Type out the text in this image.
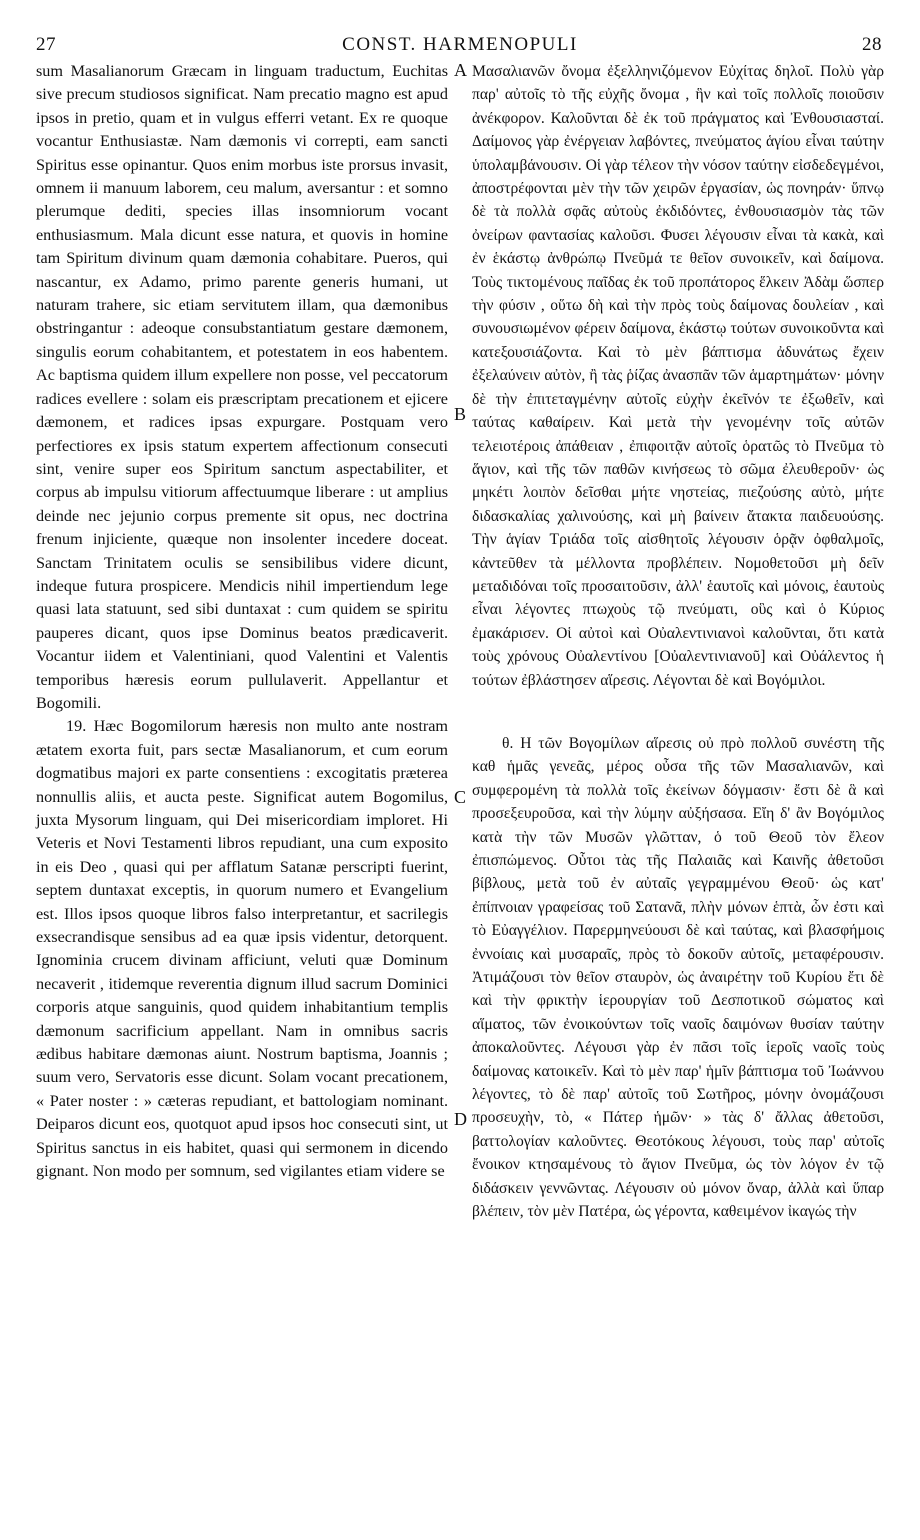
27	CONST. HARMENOPULI	28

sum Masalianorum Græcam in linguam traductum, Euchitas sive precum studiosos significat. Nam precatio magno est apud ipsos in pretio, quam et in vulgus efferri vetant. Ex re quoque vocantur Enthusiastæ. Nam dæmonis vi correpti, eam sancti Spiritus esse opinantur. Quos enim morbus iste prorsus invasit, omnem ii manuum laborem, ceu malum, aversantur : et somno plerumque dediti, species illas insomniorum vocant enthusiasmum. Mala dicunt esse natura, et quovis in homine tam Spiritum divinum quam dæmonia cohabitare. Pueros, qui nascantur, ex Adamo, primo parente generis humani, ut naturam trahere, sic etiam servitutem illam, qua dæmonibus obstringantur : adeoque consubstantiatum gestare dæmonem, singulis eorum cohabitantem, et potestatem in eos habentem. Ac baptisma quidem illum expellere non posse, vel peccatorum radices evellere : solam eis præscriptam precationem et ejicere dæmonem, et radices ipsas expurgare. Postquam vero perfectiores ex ipsis statum expertem affectionum consecuti sint, venire super eos Spiritum sanctum aspectabiliter, et corpus ab impulsu vitiorum affectuumque liberare : ut amplius deinde nec jejunio corpus premente sit opus, nec doctrina frenum injiciente, quæque non insolenter incedere doceat. Sanctam Trinitatem oculis se sensibilibus videre dicunt, indeque futura prospicere. Mendicis nihil impertiendum lege quasi lata statuunt, sed sibi duntaxat : cum quidem se spiritu pauperes dicant, quos ipse Dominus beatos prædicaverit. Vocantur iidem et Valentiniani, quod Valentini et Valentis temporibus hæresis eorum pullulaverit. Appellantur et Bogomili.

19. Hæc Bogomilorum hæresis non multo ante nostram ætatem exorta fuit, pars sectæ Masalianorum, et cum eorum dogmatibus majori ex parte consentiens : excogitatis præterea nonnullis aliis, et aucta peste. Significat autem Bogomilus, juxta Mysorum linguam, qui Dei misericordiam imploret. Hi Veteris et Novi Testamenti libros repudiant, una cum exposito in eis Deo , quasi qui per afflatum Satanæ perscripti fuerint, septem duntaxat exceptis, in quorum numero et Evangelium est. Illos ipsos quoque libros falso interpretantur, et sacrilegis exsecrandisque sensibus ad ea quæ ipsis videntur, detorquent. Ignominia crucem divinam afficiunt, veluti quæ Dominum necaverit , itidemque reverentia dignum illud sacrum Dominici corporis atque sanguinis, quod quidem inhabitantium templis dæmonum sacrificium appellant. Nam in omnibus sacris ædibus habitare dæmonas aiunt. Nostrum baptisma, Joannis ; suum vero, Servatoris esse dicunt. Solam vocant precationem, « Pater noster : » cæteras repudiant, et battologiam nominant. Deiparos dicunt eos, quotquot apud ipsos hoc consecuti sint, ut Spiritus sanctus in eis habitet, quasi qui sermonem in dicendo gignant. Non modo per somnum, sed vigilantes etiam videre se

A
B
C
D

Μασαλιανῶν ὄνομα ἐξελληνιζόμενον Εὐχίτας δηλοῖ. Πολὺ γὰρ παρ' αὐτοῖς τὸ τῆς εὐχῆς ὄνομα , ἣν καὶ τοῖς πολλοῖς ποιοῦσιν ἀνέκφορον. Καλοῦνται δὲ ἐκ τοῦ πράγματος καὶ Ἐνθουσιασταί. Δαίμονος γὰρ ἐνέργειαν λαβόντες, πνεύματος ἁγίου εἶναι ταύτην ὑπολαμβάνουσιν. Οἱ γὰρ τέλεον τὴν νόσον ταύτην εἰσδεδεγμένοι, ἀποστρέφονται μὲν τὴν τῶν χειρῶν ἐργασίαν, ὡς πονηράν· ὕπνῳ δὲ τὰ πολλὰ σφᾶς αὐτοὺς ἐκδιδόντες, ἐνθουσιασμὸν τὰς τῶν ὀνείρων φαντασίας καλοῦσι. Φυσει λέγουσιν εἶναι τὰ κακὰ, καὶ ἐν ἑκάστῳ ἀνθρώπῳ Πνεῦμά τε θεῖον συνοικεῖν, καὶ δαίμονα. Τοὺς τικτομένους παῖδας ἐκ τοῦ προπάτορος ἕλκειν Ἀδὰμ ὥσπερ τὴν φύσιν , οὕτω δὴ καὶ τὴν πρὸς τοὺς δαίμονας δουλείαν , καὶ συνουσιωμένον φέρειν δαίμονα, ἑκάστῳ τούτων συνοικοῦντα καὶ κατεξουσιάζοντα. Καὶ τὸ μὲν βάπτισμα ἀδυνάτως ἔχειν ἐξελαύνειν αὐτὸν, ἢ τὰς ῥίζας ἀνασπᾶν τῶν ἁμαρτημάτων· μόνην δὲ τὴν ἐπιτεταγμένην αὐτοῖς εὐχὴν ἐκεῖνόν τε ἐξωθεῖν, καὶ ταύτας καθαίρειν. Καὶ μετὰ τὴν γενομένην τοῖς αὐτῶν τελειοτέροις ἀπάθειαν , ἐπιφοιτᾷν αὐτοῖς ὁρατῶς τὸ Πνεῦμα τὸ ἅγιον, καὶ τῆς τῶν παθῶν κινήσεως τὸ σῶμα ἐλευθεροῦν· ὡς μηκέτι λοιπὸν δεῖσθαι μήτε νηστείας, πιεζούσης αὐτὸ, μήτε διδασκαλίας χαλινούσης, καὶ μὴ βαίνειν ἄτακτα παιδευούσης. Τὴν ἁγίαν Τριάδα τοῖς αἰσθητοῖς λέγουσιν ὁρᾷν ὀφθαλμοῖς, κἀντεῦθεν τὰ μέλλοντα προβλέπειν. Νομοθετοῦσι μὴ δεῖν μεταδιδόναι τοῖς προσαιτοῦσιν, ἀλλ' ἑαυτοῖς καὶ μόνοις, ἑαυτοὺς εἶναι λέγοντες πτωχοὺς τῷ πνεύματι, οὓς καὶ ὁ Κύριος ἐμακάρισεν. Οἱ αὐτοὶ καὶ Οὐαλεντινιανοὶ καλοῦνται, ὅτι κατὰ τοὺς χρόνους Οὐαλεντίνου [Οὐαλεντινιανοῦ] καὶ Οὐάλεντος ἡ τούτων ἐβλάστησεν αἵρεσις. Λέγονται δὲ καὶ Βογόμιλοι.

θ. Η τῶν Βογομίλων αἵρεσις οὐ πρὸ πολλοῦ συνέστη τῆς καθ ἡμᾶς γενεᾶς, μέρος οὖσα τῆς τῶν Μασαλιανῶν, καὶ συμφερομένη τὰ πολλὰ τοῖς ἐκείνων δόγμασιν· ἔστι δὲ ἃ καὶ προσεξευροῦσα, καὶ τὴν λύμην αὐξήσασα. Εἴη δ' ἂν Βογόμιλος κατὰ τὴν τῶν Μυσῶν γλῶτταν, ὁ τοῦ Θεοῦ τὸν ἔλεον ἐπισπώμενος. Οὗτοι τὰς τῆς Παλαιᾶς καὶ Καινῆς ἀθετοῦσι βίβλους, μετὰ τοῦ ἐν αὐταῖς γεγραμμένου Θεοῦ· ὡς κατ' ἐπίπνοιαν γραφείσας τοῦ Σατανᾶ, πλὴν μόνων ἑπτὰ, ὧν ἐστι καὶ τὸ Εὐαγγέλιον. Παρερμηνεύουσι δὲ καὶ ταύτας, καὶ βλασφήμοις ἐννοίαις καὶ μυσαραῖς, πρὸς τὸ δοκοῦν αὐτοῖς, μεταφέρουσιν. Ἀτιμάζουσι τὸν θεῖον σταυρὸν, ὡς ἀναιρέτην τοῦ Κυρίου ἔτι δὲ καὶ τὴν φρικτὴν ἱερουργίαν τοῦ Δεσποτικοῦ σώματος καὶ αἵματος, τῶν ἐνοικούντων τοῖς ναοῖς δαιμόνων θυσίαν ταύτην ἀποκαλοῦντες. Λέγουσι γὰρ ἐν πᾶσι τοῖς ἱεροῖς ναοῖς τοὺς δαίμονας κατοικεῖν. Καὶ τὸ μὲν παρ' ἡμῖν βάπτισμα τοῦ Ἰωάννου λέγοντες, τὸ δὲ παρ' αὐτοῖς τοῦ Σωτῆρος, μόνην ὀνομάζουσι προσευχὴν, τὸ, « Πάτερ ἡμῶν· » τὰς δ' ἄλλας ἀθετοῦσι, βαττολογίαν καλοῦντες. Θεοτόκους λέγουσι, τοὺς παρ' αὐτοῖς ἔνοικον κτησαμένους τὸ ἅγιον Πνεῦμα, ὡς τὸν λόγον ἐν τῷ διδάσκειν γεννῶντας. Λέγουσιν οὐ μόνον ὄναρ, ἀλλὰ καὶ ὕπαρ βλέπειν, τὸν μὲν Πατέρα, ὡς γέροντα, καθειμένον ἰκαγώς τὴν
